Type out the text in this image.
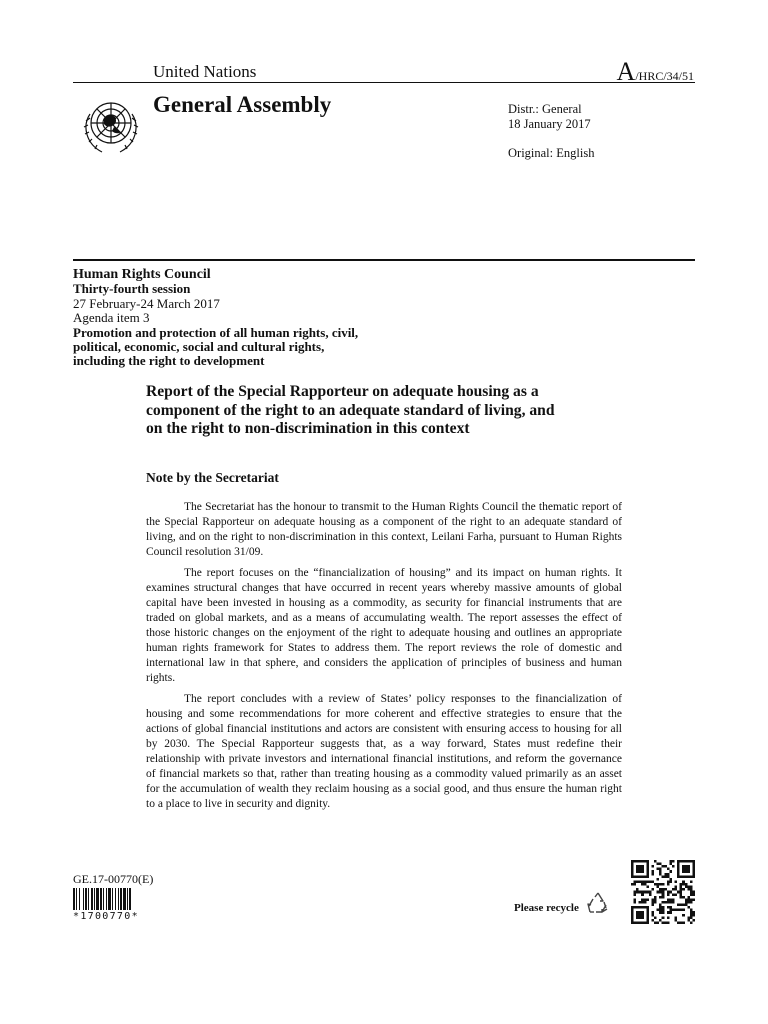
United Nations	A/HRC/34/51
General Assembly	Distr.: General
18 January 2017
Original: English
Human Rights Council
Thirty-fourth session
27 February-24 March 2017
Agenda item 3
Promotion and protection of all human rights, civil,
political, economic, social and cultural rights,
including the right to development
Report of the Special Rapporteur on adequate housing as a
component of the right to an adequate standard of living, and
on the right to non-discrimination in this context
Note by the Secretariat

The Secretariat has the honour to transmit to the Human Rights Council the thematic report of the Special Rapporteur on adequate housing as a component of the right to an adequate standard of living, and on the right to non-discrimination in this context, Leilani Farha, pursuant to Human Rights Council resolution 31/09.

The report focuses on the “financialization of housing” and its impact on human rights. It examines structural changes that have occurred in recent years whereby massive amounts of global capital have been invested in housing as a commodity, as security for financial instruments that are traded on global markets, and as a means of accumulating wealth. The report assesses the effect of those historic changes on the enjoyment of the right to adequate housing and outlines an appropriate human rights framework for States to address them. The report reviews the role of domestic and international law in that sphere, and considers the application of principles of business and human rights.

The report concludes with a review of States’ policy responses to the financialization of housing and some recommendations for more coherent and effective strategies to ensure that the actions of global financial institutions and actors are consistent with ensuring access to housing for all by 2030. The Special Rapporteur suggests that, as a way forward, States must redefine their relationship with private investors and international financial institutions, and reform the governance of financial markets so that, rather than treating housing as a commodity valued primarily as an asset for the accumulation of wealth they reclaim housing as a social good, and thus ensure the human right to a place to live in security and dignity.

GE.17-00770(E)
*1700770*
Please recycle
